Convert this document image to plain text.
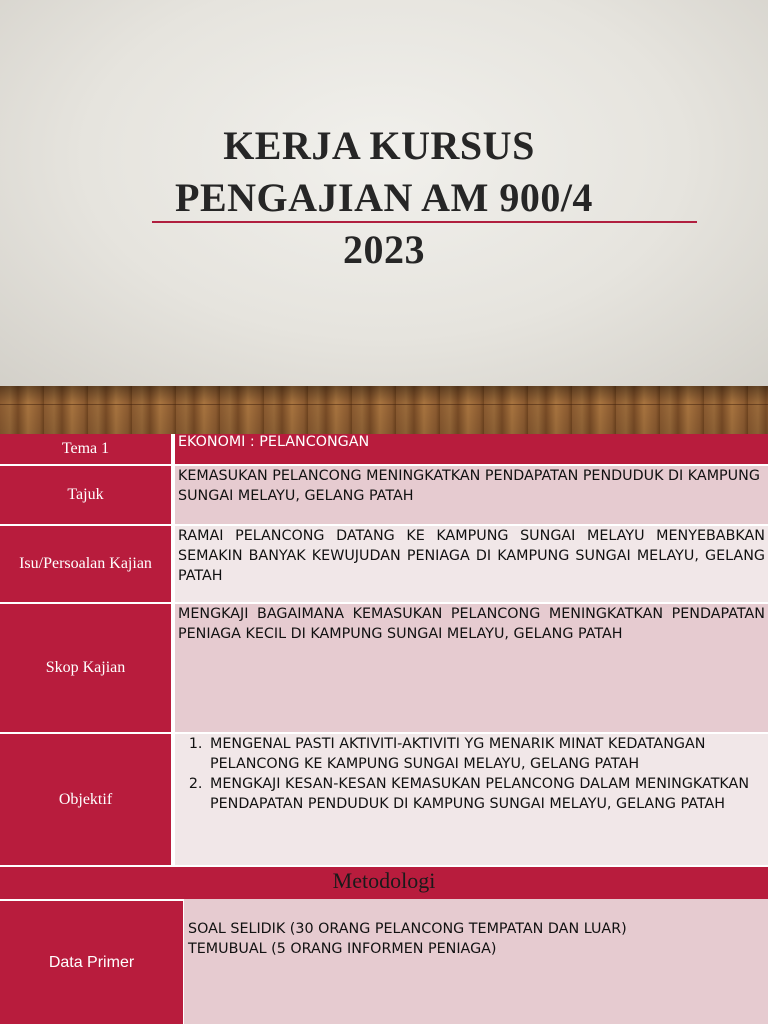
KERJA KURSUS
PENGAJIAN AM 900/4
2023
Tema 1	EKONOMI : PELANCONGAN
Tajuk
KEMASUKAN PELANCONG MENINGKATKAN PENDAPATAN PENDUDUK DI KAMPUNG SUNGAI MELAYU, GELANG PATAH
Isu/Persoalan Kajian
RAMAI PELANCONG DATANG KE KAMPUNG SUNGAI MELAYU MENYEBABKAN SEMAKIN BANYAK KEWUJUDAN PENIAGA DI KAMPUNG SUNGAI MELAYU, GELANG PATAH
Skop Kajian
MENGKAJI BAGAIMANA KEMASUKAN PELANCONG MENINGKATKAN PENDAPATAN PENIAGA KECIL DI KAMPUNG SUNGAI MELAYU, GELANG PATAH
Objektif
1. MENGENAL PASTI AKTIVITI-AKTIVITI YG MENARIK MINAT KEDATANGAN PELANCONG KE KAMPUNG SUNGAI MELAYU, GELANG PATAH
2. MENGKAJI KESAN-KESAN KEMASUKAN PELANCONG DALAM MENINGKATKAN PENDAPATAN PENDUDUK DI KAMPUNG SUNGAI MELAYU, GELANG PATAH
Metodologi
Data Primer
SOAL SELIDIK (30 ORANG PELANCONG TEMPATAN DAN LUAR)
TEMUBUAL (5 ORANG INFORMEN PENIAGA)
